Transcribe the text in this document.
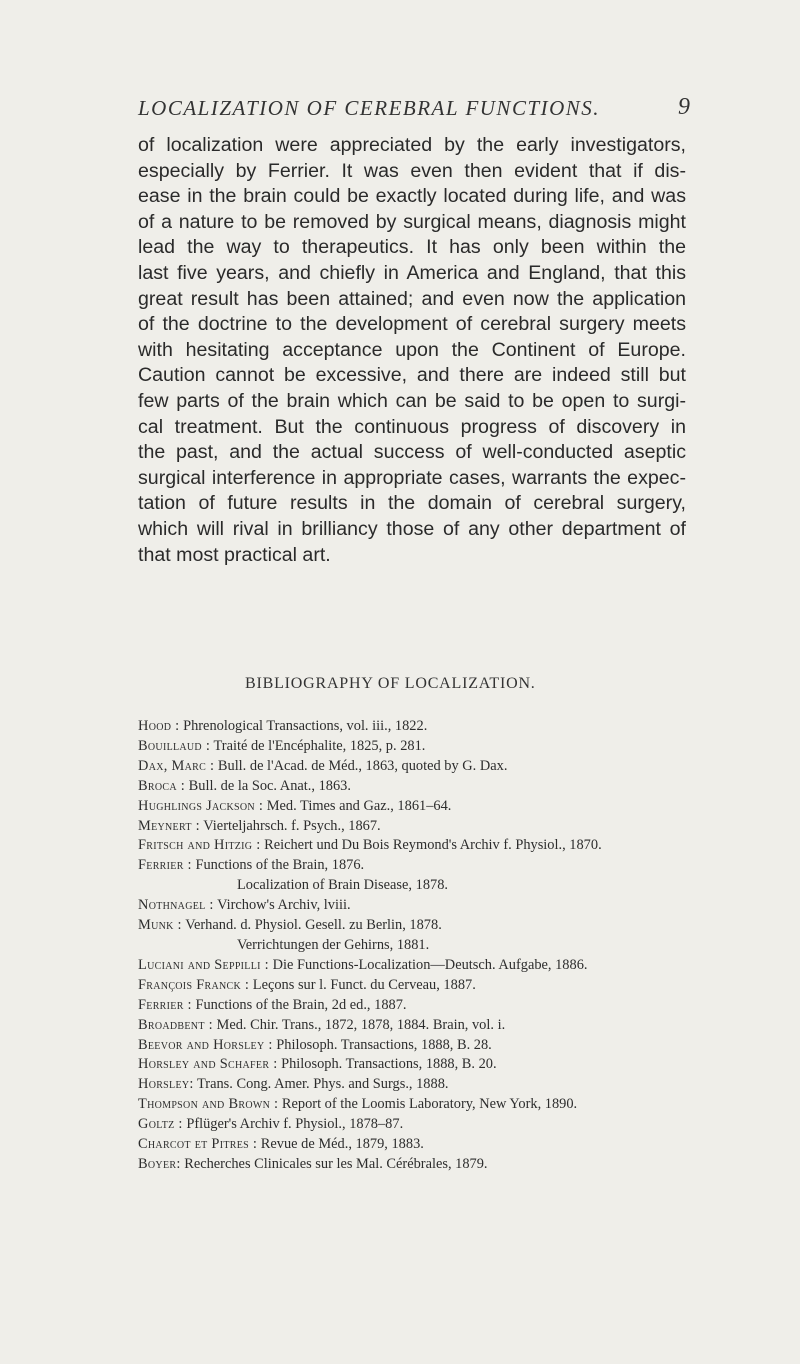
LOCALIZATION OF CEREBRAL FUNCTIONS.	9
of localization were appreciated by the early investigators,
especially by Ferrier. It was even then evident that if dis-
ease in the brain could be exactly located during life, and was
of a nature to be removed by surgical means, diagnosis might
lead the way to therapeutics. It has only been within the
last five years, and chiefly in America and England, that this
great result has been attained; and even now the application
of the doctrine to the development of cerebral surgery meets
with hesitating acceptance upon the Continent of Europe.
Caution cannot be excessive, and there are indeed still but
few parts of the brain which can be said to be open to surgi-
cal treatment. But the continuous progress of discovery in
the past, and the actual success of well-conducted aseptic
surgical interference in appropriate cases, warrants the expec-
tation of future results in the domain of cerebral surgery,
which will rival in brilliancy those of any other department of
that most practical art.
BIBLIOGRAPHY OF LOCALIZATION.
Hood : Phrenological Transactions, vol. iii., 1822.
Bouillaud : Traité de l'Encéphalite, 1825, p. 281.
Dax, Marc : Bull. de l'Acad. de Méd., 1863, quoted by G. Dax.
Broca : Bull. de la Soc. Anat., 1863.
Hughlings Jackson : Med. Times and Gaz., 1861–64.
Meynert : Vierteljahrsch. f. Psych., 1867.
Fritsch and Hitzig : Reichert und Du Bois Reymond's Archiv f. Physiol., 1870.
Ferrier : Functions of the Brain, 1876.
Localization of Brain Disease, 1878.
Nothnagel : Virchow's Archiv, lviii.
Munk : Verhand. d. Physiol. Gesell. zu Berlin, 1878.
Verrichtungen der Gehirns, 1881.
Luciani and Seppilli : Die Functions-Localization—Deutsch. Aufgabe, 1886.
François Franck : Leçons sur l. Funct. du Cerveau, 1887.
Ferrier : Functions of the Brain, 2d ed., 1887.
Broadbent : Med. Chir. Trans., 1872, 1878, 1884. Brain, vol. i.
Beevor and Horsley : Philosoph. Transactions, 1888, B. 28.
Horsley and Schafer : Philosoph. Transactions, 1888, B. 20.
Horsley: Trans. Cong. Amer. Phys. and Surgs., 1888.
Thompson and Brown : Report of the Loomis Laboratory, New York, 1890.
Goltz : Pflüger's Archiv f. Physiol., 1878–87.
Charcot et Pitres : Revue de Méd., 1879, 1883.
Boyer: Recherches Clinicales sur les Mal. Cérébrales, 1879.
